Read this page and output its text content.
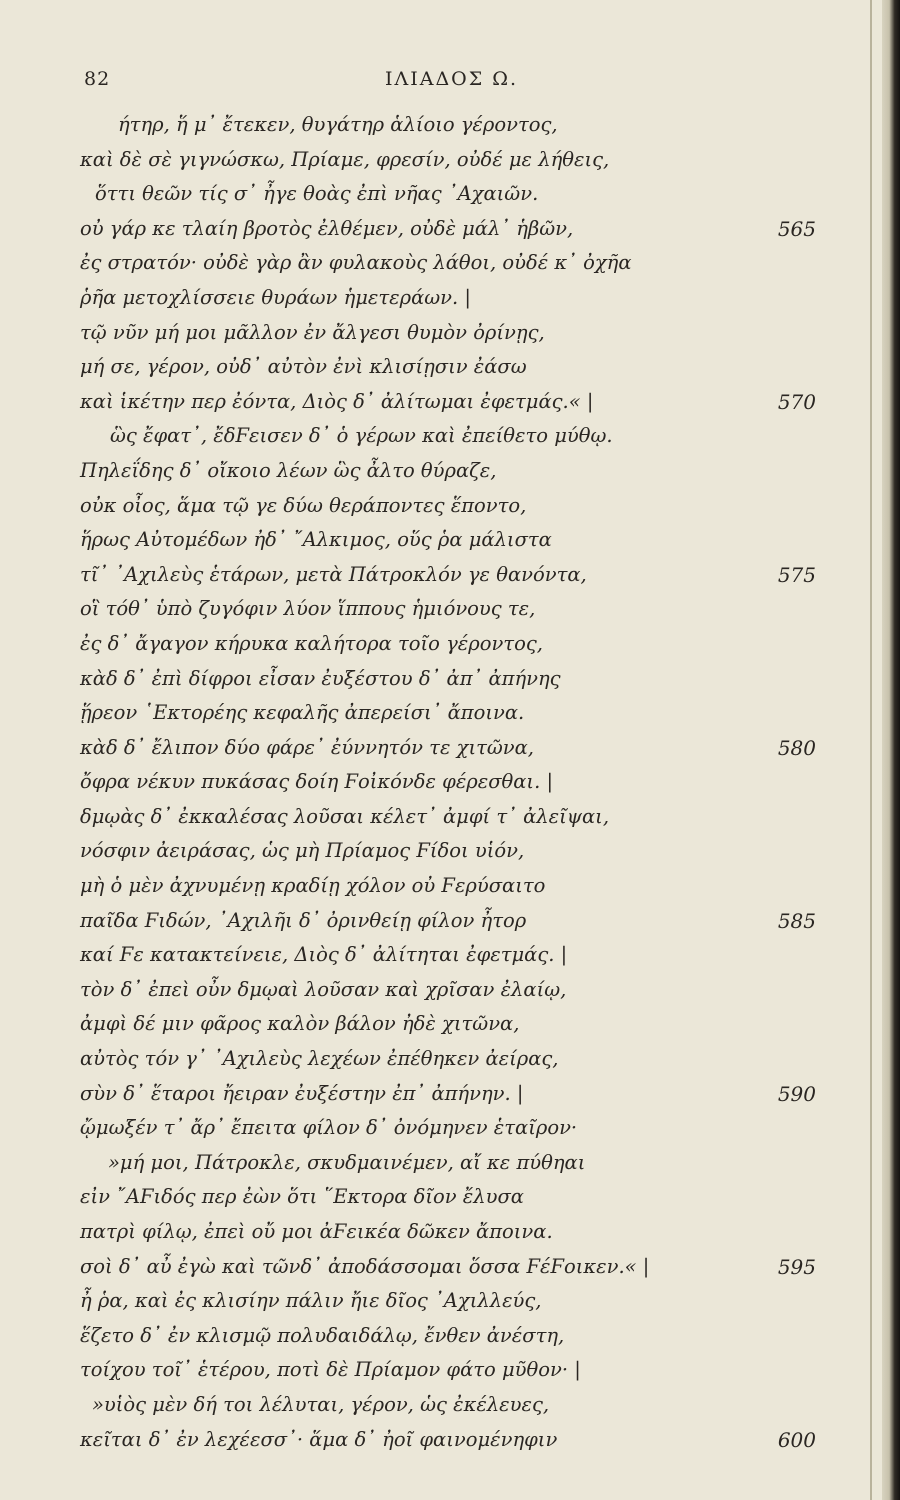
82	ΙΛΙΑΔΟΣ Ω.
ήτηρ, ἥ μ᾽ ἔτεκεν, θυγάτηρ ἁλίοιο γέροντος,
καὶ δὲ σὲ γιγνώσκω, Πρίαμε, φρεσίν, οὐδέ με λήθεις,
ὅττι θεῶν τίς σ᾽ ἦγε θοὰς ἐπὶ νῆας ᾿Αχαιῶν.
οὐ γάρ κε τλαίη βροτὸς ἐλθέμεν, οὐδὲ μάλ᾽ ἡβῶν,	565
ἐς στρατόν· οὐδὲ γὰρ ἂν φυλακοὺς λάθοι, οὐδέ κ᾽ ὀχῆα
ῥῆα μετοχλίσσειε θυράων ἡμετεράων. |
τῷ νῦν μή μοι μᾶλλον ἐν ἄλγεσι θυμὸν ὀρίνῃς,
μή σε, γέρον, οὐδ᾽ αὐτὸν ἐνὶ κλισίῃσιν ἐάσω
καὶ ἱκέτην περ ἐόντα, Διὸς δ᾽ ἀλίτωμαι ἐφετμάς.« |	570
ὣς ἔφατ᾽, ἔδϜεισεν δ᾽ ὁ γέρων καὶ ἐπείθετο μύθῳ.
Πηλεΐδης δ᾽ οἴκοιο λέων ὣς ἆλτο θύραζε,
οὐκ οἶος, ἅμα τῷ γε δύω θεράποντες ἕποντο,
ἥρως Αὐτομέδων ἠδ᾽ ῎Αλκιμος, οὕς ῥα μάλιστα
τῖ᾽ ᾿Αχιλεὺς ἑτάρων, μετὰ Πάτροκλόν γε θανόντα,	575
οἳ τόθ᾽ ὑπὸ ζυγόφιν λύον ἵππους ἡμιόνους τε,
ἐς δ᾽ ἄγαγον κήρυκα καλήτορα τοῖο γέροντος,
κὰδ δ᾽ ἐπὶ δίφροι εἶσαν ἐυξέστου δ᾽ ἀπ᾽ ἀπήνης
ᾕρεον ῾Εκτορέης κεφαλῆς ἀπερείσι᾽ ἄποινα.
κὰδ δ᾽ ἔλιπον δύο φάρε᾽ ἐύννητόν τε χιτῶνα,	580
ὄφρα νέκυν πυκάσας δοίη Ϝοἰκόνδε φέρεσθαι. |
δμῳὰς δ᾽ ἐκκαλέσας λοῦσαι κέλετ᾽ ἀμφί τ᾽ ἀλεῖψαι,
νόσφιν ἀειράσας, ὡς μὴ Πρίαμος Ϝίδοι υἱόν,
μὴ ὁ μὲν ἀχνυμένῃ κραδίῃ χόλον οὐ Ϝερύσαιτο
παῖδα Ϝιδών, ᾿Αχιλῆι δ᾽ ὀρινθείῃ φίλον ἦτορ	585
καί Ϝε κατακτείνειε, Διὸς δ᾽ ἀλίτηται ἐφετμάς. |
τὸν δ᾽ ἐπεὶ οὖν δμῳαὶ λοῦσαν καὶ χρῖσαν ἐλαίῳ,
ἀμφὶ δέ μιν φᾶρος καλὸν βάλον ἠδὲ χιτῶνα,
αὐτὸς τόν γ᾽ ᾿Αχιλεὺς λεχέων ἐπέθηκεν ἀείρας,
σὺν δ᾽ ἕταροι ἤειραν ἐυξέστην ἐπ᾽ ἀπήνην. |	590
ᾤμωξέν τ᾽ ἄρ᾽ ἔπειτα φίλον δ᾽ ὀνόμηνεν ἑταῖρον·
»μή μοι, Πάτροκλε, σκυδμαινέμεν, αἴ κε πύθηαι
εἰν ῎ΑϜιδός περ ἐὼν ὅτι ῞Εκτορα δῖον ἔλυσα
πατρὶ φίλῳ, ἐπεὶ οὔ μοι ἀϜεικέα δῶκεν ἄποινα.
σοὶ δ᾽ αὖ ἐγὼ καὶ τῶνδ᾽ ἀποδάσσομαι ὅσσα ϜέϜοικεν.« |	595
ἦ ῥα, καὶ ἐς κλισίην πάλιν ἤιε δῖος ᾿Αχιλλεύς,
ἕζετο δ᾽ ἐν κλισμῷ πολυδαιδάλῳ, ἔνθεν ἀνέστη,
τοίχου τοῖ᾽ ἑτέρου, ποτὶ δὲ Πρίαμον φάτο μῦθον· |
»υἱὸς μὲν δή τοι λέλυται, γέρον, ὡς ἐκέλευες,
κεῖται δ᾽ ἐν λεχέεσσ᾽· ἅμα δ᾽ ἠοῖ φαινομένηφιν	600
